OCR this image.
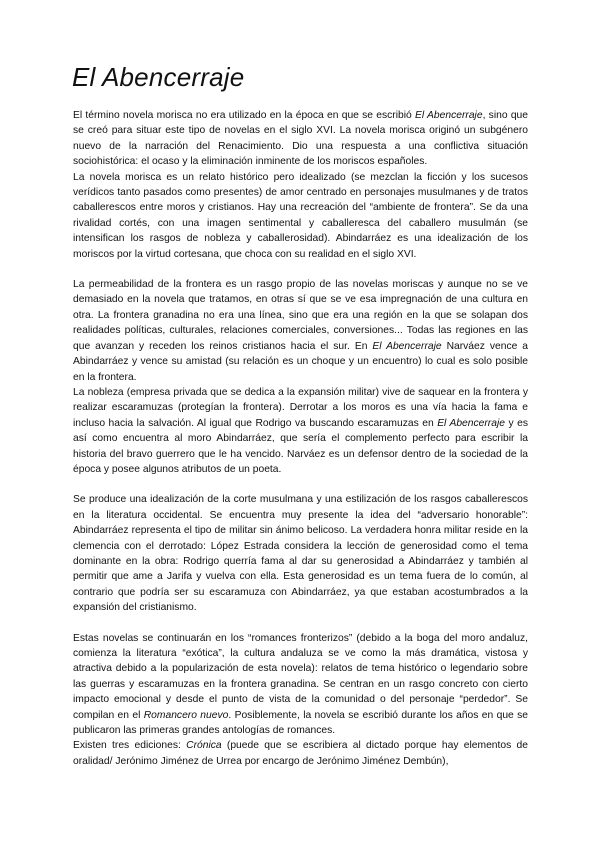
El Abencerraje

El término novela morisca no era utilizado en la época en que se escribió El Abencerraje, sino que se creó para situar este tipo de novelas en el siglo XVI. La novela morisca originó un subgénero nuevo de la narración del Renacimiento. Dio una respuesta a una conflictiva situación sociohistórica: el ocaso y la eliminación inminente de los moriscos españoles.

La novela morisca es un relato histórico pero idealizado (se mezclan la ficción y los sucesos verídicos tanto pasados como presentes) de amor centrado en personajes musulmanes y de tratos caballerescos entre moros y cristianos. Hay una recreación del “ambiente de frontera”. Se da una rivalidad cortés, con una imagen sentimental y caballeresca del caballero musulmán (se intensifican los rasgos de nobleza y caballerosidad). Abindarráez es una idealización de los moriscos por la virtud cortesana, que choca con su realidad en el siglo XVI.

La permeabilidad de la frontera es un rasgo propio de las novelas moriscas y aunque no se ve demasiado en la novela que tratamos, en otras sí que se ve esa impregnación de una cultura en otra. La frontera granadina no era una línea, sino que era una región en la que se solapan dos realidades políticas, culturales, relaciones comerciales, conversiones... Todas las regiones en las que avanzan y receden los reinos cristianos hacia el sur. En El Abencerraje Narváez vence a Abindarráez y vence su amistad (su relación es un choque y un encuentro) lo cual es solo posible en la frontera.

La nobleza (empresa privada que se dedica a la expansión militar) vive de saquear en la frontera y realizar escaramuzas (protegían la frontera). Derrotar a los moros es una vía hacia la fama e incluso hacia la salvación. Al igual que Rodrigo va buscando escaramuzas en El Abencerraje y es así como encuentra al moro Abindarráez, que sería el complemento perfecto para escribir la historia del bravo guerrero que le ha vencido. Narváez es un defensor dentro de la sociedad de la época y posee algunos atributos de un poeta.

Se produce una idealización de la corte musulmana y una estilización de los rasgos caballerescos en la literatura occidental. Se encuentra muy presente la idea del “adversario honorable”: Abindarráez representa el tipo de militar sin ánimo belicoso. La verdadera honra militar reside en la clemencia con el derrotado: López Estrada considera la lección de generosidad como el tema dominante en la obra: Rodrigo querría fama al dar su generosidad a Abindarráez y también al permitir que ame a Jarifa y vuelva con ella. Esta generosidad es un tema fuera de lo común, al contrario que podría ser su escaramuza con Abindarráez, ya que estaban acostumbrados a la expansión del cristianismo.

Estas novelas se continuarán en los “romances fronterizos” (debido a la boga del moro andaluz, comienza la literatura “exótica”, la cultura andaluza se ve como la más dramática, vistosa y atractiva debido a la popularización de esta novela): relatos de tema histórico o legendario sobre las guerras y escaramuzas en la frontera granadina. Se centran en un rasgo concreto con cierto impacto emocional y desde el punto de vista de la comunidad o del personaje “perdedor”. Se compilan en el Romancero nuevo. Posiblemente, la novela se escribió durante los años en que se publicaron las primeras grandes antologías de romances.

Existen tres ediciones: Crónica (puede que se escribiera al dictado porque hay elementos de oralidad/ Jerónimo Jiménez de Urrea por encargo de Jerónimo Jiménez Dembún),
